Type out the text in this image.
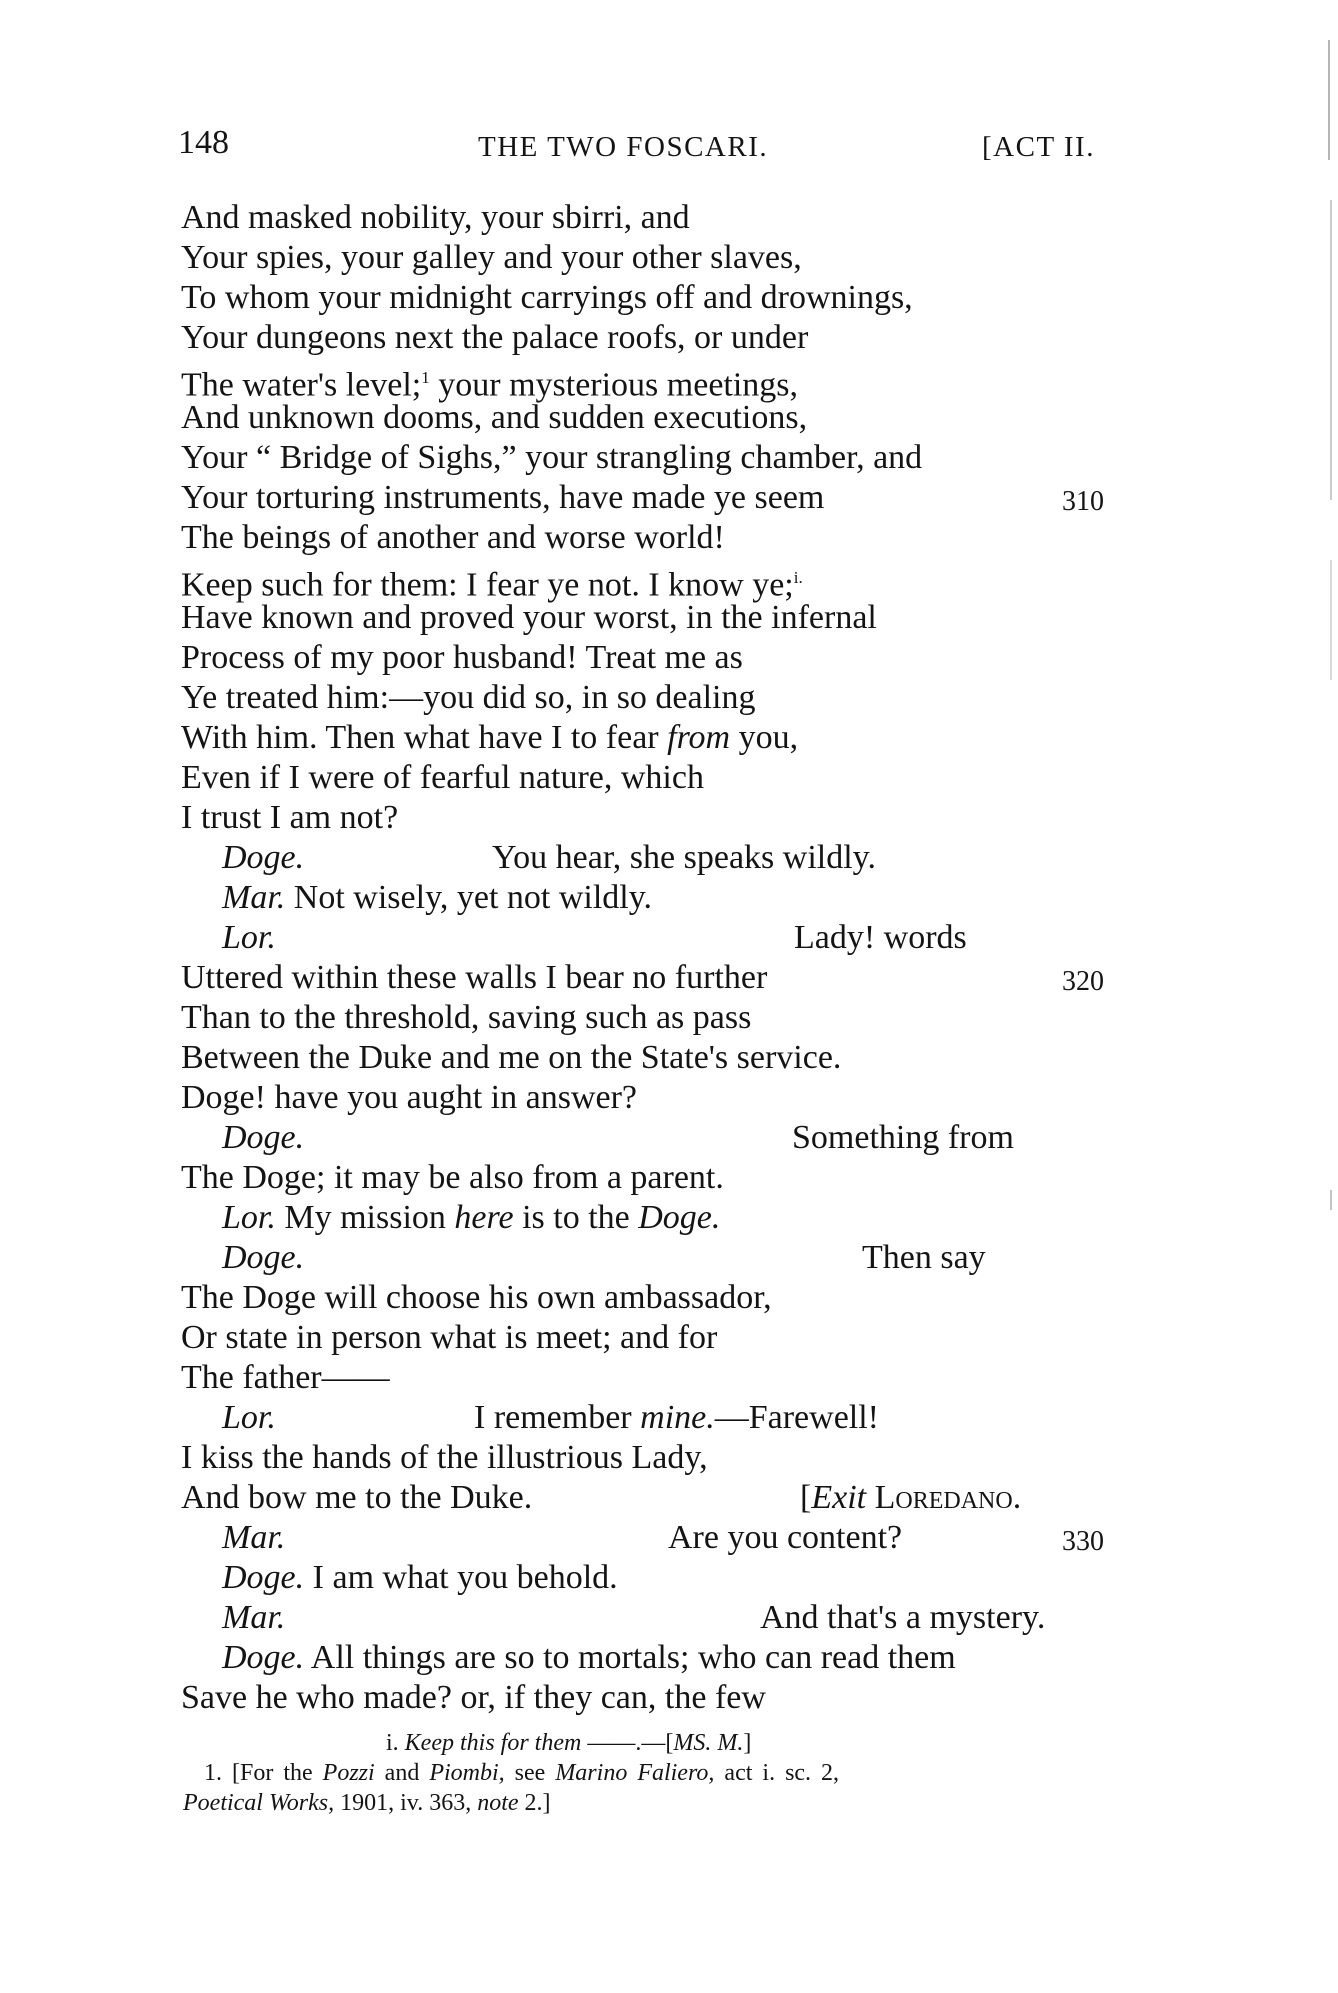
148	THE TWO FOSCARI.	[ACT II.
And masked nobility, your sbirri, and
Your spies, your galley and your other slaves,
To whom your midnight carryings off and drownings,
Your dungeons next the palace roofs, or under
The water's level;$^1$ your mysterious meetings,
And unknown dooms, and sudden executions,
Your “ Bridge of Sighs,” your strangling chamber, and
Your torturing instruments, have made ye seem
The beings of another and worse world!
Keep such for them: I fear ye not. I know ye;$^{i.}$
Have known and proved your worst, in the infernal
Process of my poor husband! Treat me as
Ye treated him:—you did so, in so dealing
With him. Then what have I to fear from you,
Even if I were of fearful nature, which
I trust I am not?
Doge.	You hear, she speaks wildly.
Mar. Not wisely, yet not wildly.
Lor.	Lady! words
Uttered within these walls I bear no further
Than to the threshold, saving such as pass
Between the Duke and me on the State's service.
Doge! have you aught in answer?
Doge.	Something from
The Doge; it may be also from a parent.
Lor. My mission here is to the Doge.
Doge.	Then say
The Doge will choose his own ambassador,
Or state in person what is meet; and for
The father——
Lor.	I remember mine.—Farewell!
I kiss the hands of the illustrious Lady,
And bow me to the Duke.	[Exit Loredano.
Mar.	Are you content?
Doge. I am what you behold.
Mar.	And that's a mystery.
Doge. All things are so to mortals; who can read them
Save he who made? or, if they can, the few
310
320
330
i. Keep this for them ——.—[MS. M.]
1. [For the Pozzi and Piombi, see Marino Faliero, act i. sc. 2,
Poetical Works, 1901, iv. 363, note 2.]
